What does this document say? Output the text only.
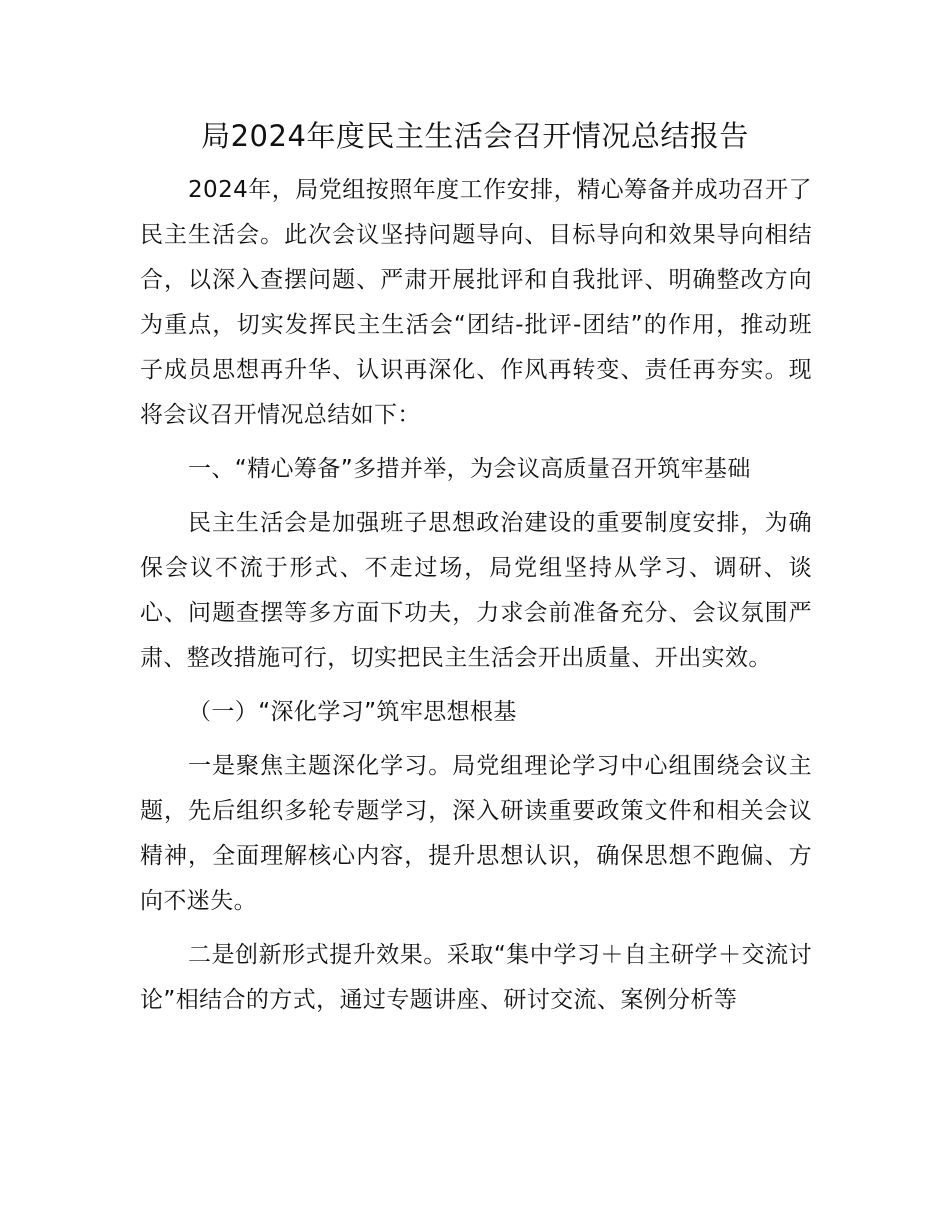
局2024年度民主生活会召开情况总结报告

2024年，局党组按照年度工作安排，精心筹备并成功召开了民主生活会。此次会议坚持问题导向、目标导向和效果导向相结合，以深入查摆问题、严肃开展批评和自我批评、明确整改方向为重点，切实发挥民主生活会“团结-批评-团结”的作用，推动班子成员思想再升华、认识再深化、作风再转变、责任再夯实。现将会议召开情况总结如下：

一、“精心筹备”多措并举，为会议高质量召开筑牢基础

民主生活会是加强班子思想政治建设的重要制度安排，为确保会议不流于形式、不走过场，局党组坚持从学习、调研、谈心、问题查摆等多方面下功夫，力求会前准备充分、会议氛围严肃、整改措施可行，切实把民主生活会开出质量、开出实效。

（一）“深化学习”筑牢思想根基

一是聚焦主题深化学习。局党组理论学习中心组围绕会议主题，先后组织多轮专题学习，深入研读重要政策文件和相关会议精神，全面理解核心内容，提升思想认识，确保思想不跑偏、方向不迷失。

二是创新形式提升效果。采取“集中学习＋自主研学＋交流讨论”相结合的方式，通过专题讲座、研讨交流、案例分析等
